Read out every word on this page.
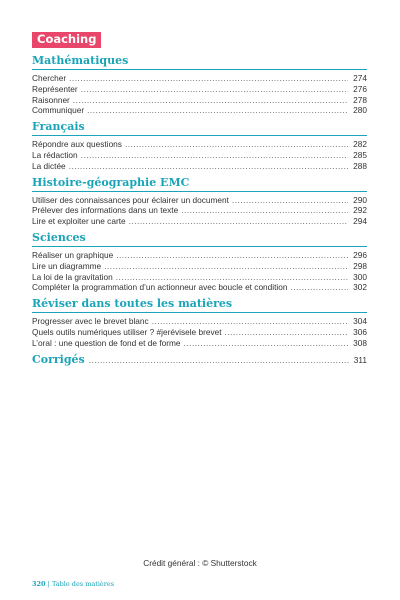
Coaching
Mathématiques
Chercher .....	274
Représenter .....	276
Raisonner .....	278
Communiquer .....	280
Français
Répondre aux questions .....	282
La rédaction .....	285
La dictée .....	288
Histoire-géographie EMC
Utiliser des connaissances pour éclairer un document .....	290
Prélever des informations dans un texte .....	292
Lire et exploiter une carte .....	294
Sciences
Réaliser un graphique .....	296
Lire un diagramme .....	298
La loi de la gravitation .....	300
Compléter la programmation d’un actionneur avec boucle et condition .....	302
Réviser dans toutes les matières
Progresser avec le brevet blanc .....	304
Quels outils numériques utiliser ? #jerévisele brevet .....	306
L’oral : une question de fond et de forme .....	308
Corrigés .....	311
Crédit général : © Shutterstock
320 | Table des matières
